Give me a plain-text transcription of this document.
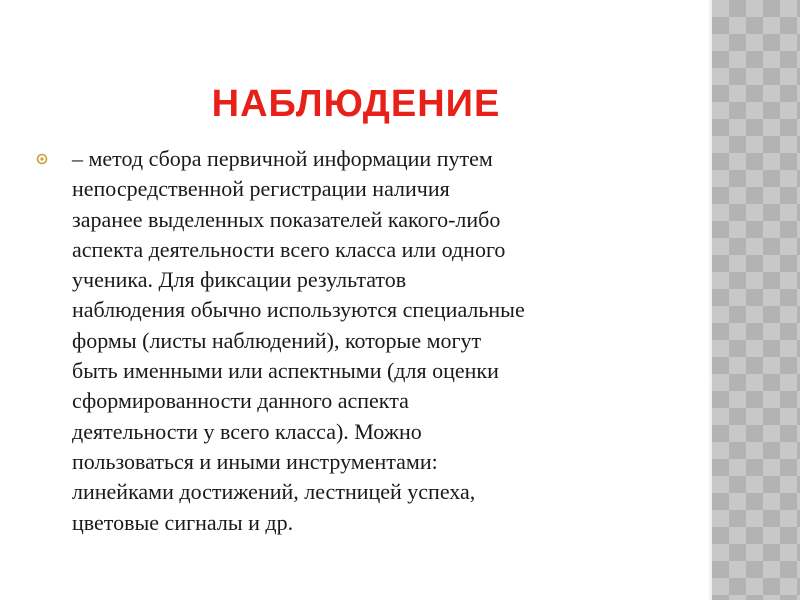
НАБЛЮДЕНИЕ

– метод сбора первичной информации путем
непосредственной регистрации наличия
заранее выделенных показателей какого-либо
аспекта деятельности всего класса или одного
ученика. Для фиксации результатов
наблюдения обычно используются специальные
формы (листы наблюдений), которые могут
быть именными или аспектными (для оценки
сформированности данного аспекта
деятельности у всего класса). Можно
пользоваться и иными инструментами:
линейками достижений, лестницей успеха,
цветовые сигналы и др.
